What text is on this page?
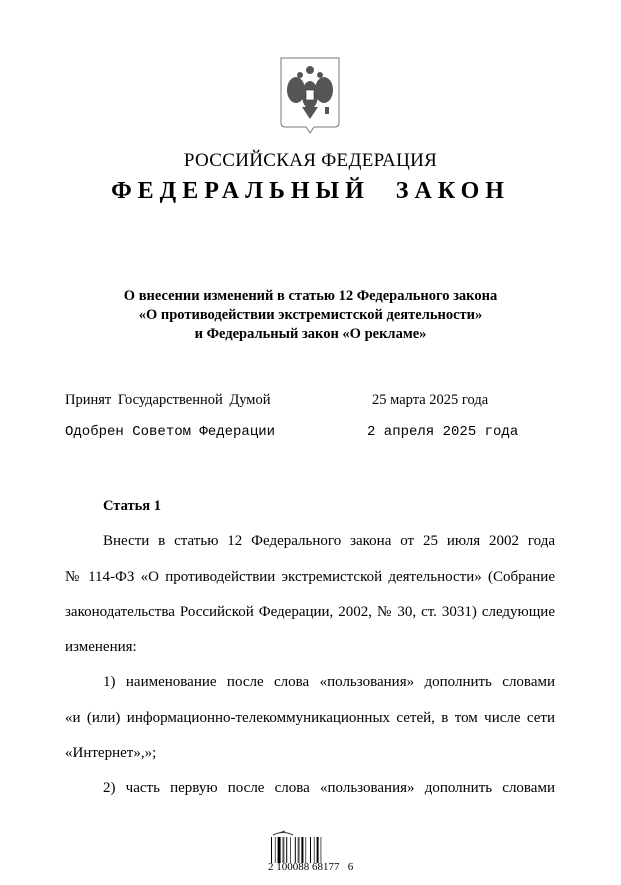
РОССИЙСКАЯ ФЕДЕРАЦИЯ
ФЕДЕРАЛЬНЫЙ ЗАКОН
О внесении изменений в статью 12 Федерального закона
«О противодействии экстремистской деятельности»
и Федеральный закон «О рекламе»
Принят Государственной Думой	25 марта 2025 года
Одобрен Советом Федерации	2 апреля 2025 года
Статья 1
Внести в статью 12 Федерального закона от 25 июля 2002 года
№ 114-ФЗ «О противодействии экстремистской деятельности» (Собрание
законодательства Российской Федерации, 2002, № 30, ст. 3031) следующие
изменения:
1) наименование после слова «пользования» дополнить словами
«и (или) информационно-телекоммуникационных сетей, в том числе сети
«Интернет»,»;
2) часть первую после слова «пользования» дополнить словами
2 100088 68177   6
